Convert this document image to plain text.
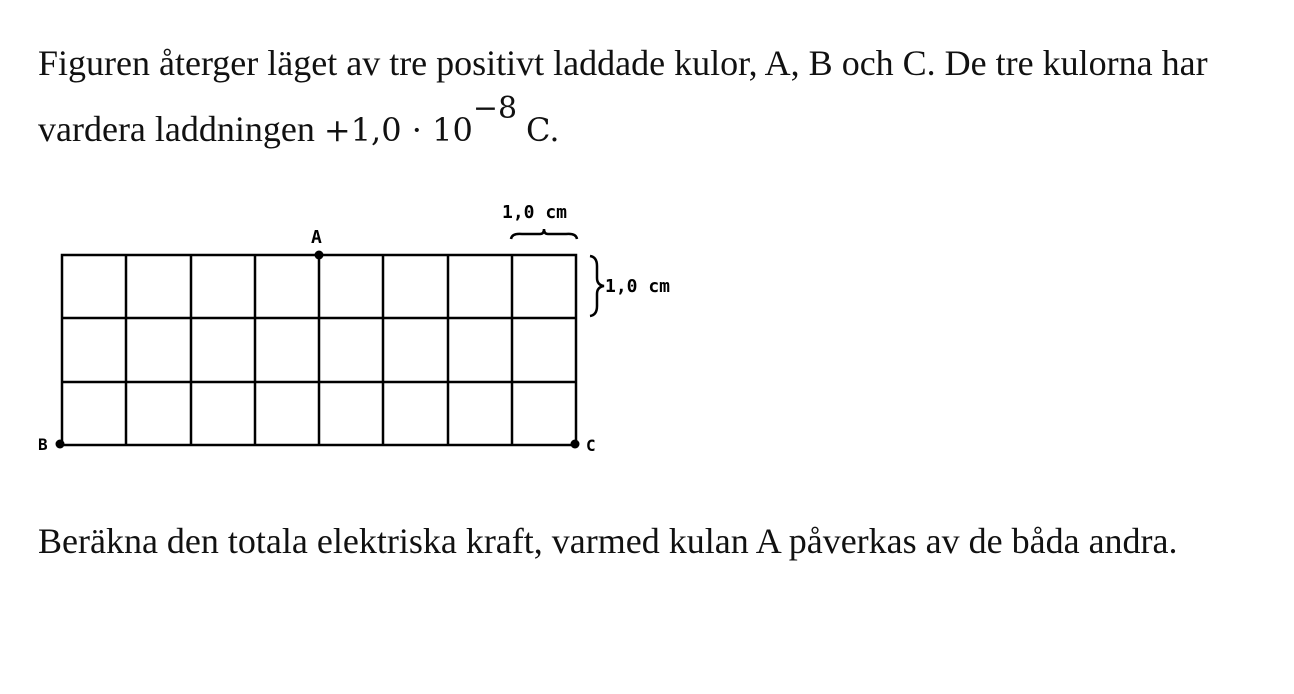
Figuren återger läget av tre positivt laddade kulor, A, B och C. De tre kulorna har vardera laddningen $+1,0 \cdot 10^{-8}$ C.

A
B	C
1,0 cm
1,0 cm

Beräkna den totala elektriska kraft, varmed kulan A påverkas av de båda andra.
